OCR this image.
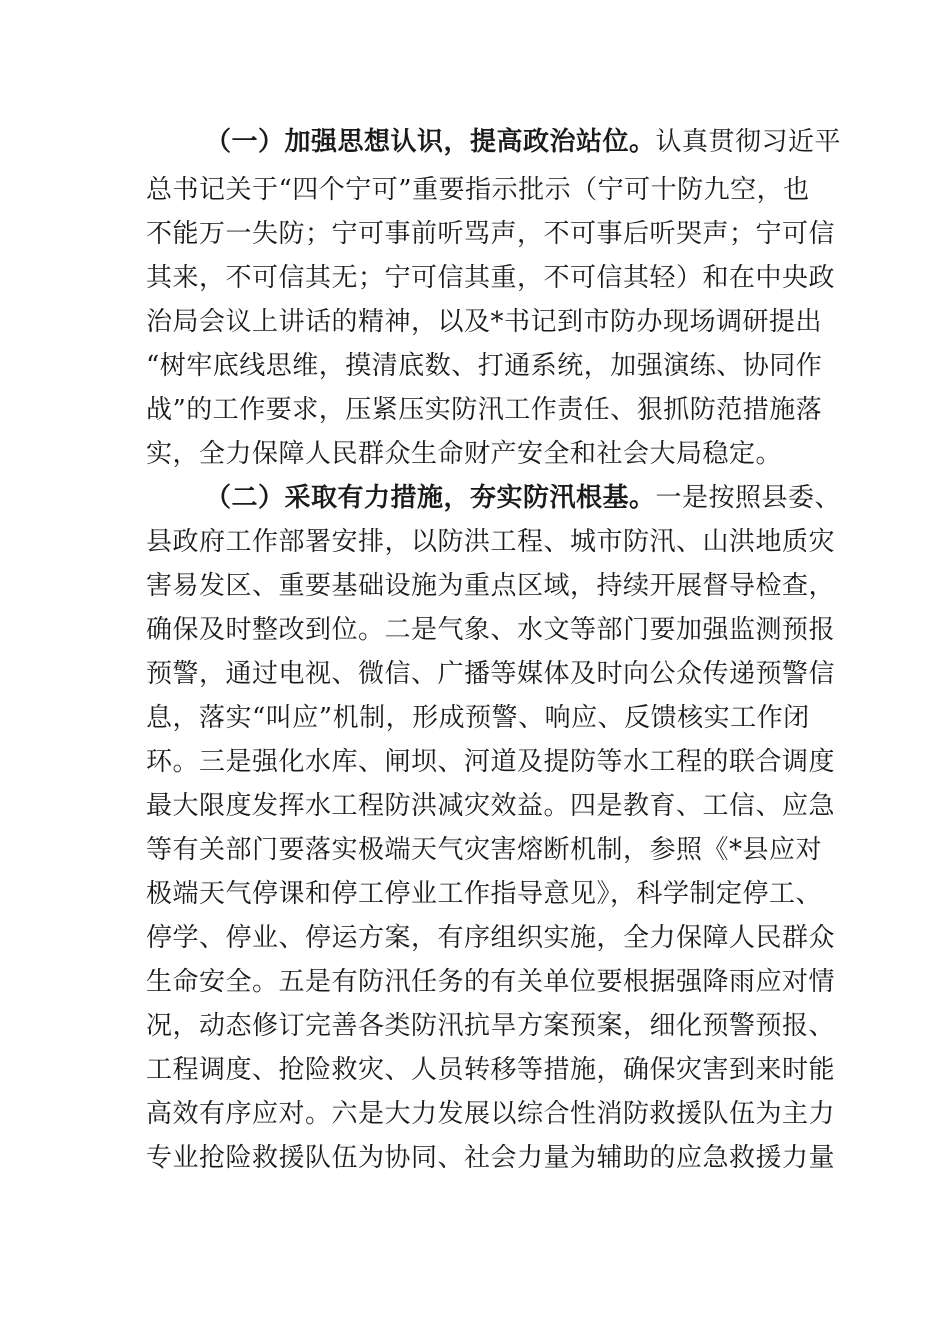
（一）加强思想认识，提高政治站位。认真贯彻习近平
总书记关于“四个宁可”重要指示批示（宁可十防九空，也
不能万一失防；宁可事前听骂声，不可事后听哭声；宁可信
其来，不可信其无；宁可信其重，不可信其轻）和在中央政
治局会议上讲话的精神，以及*书记到市防办现场调研提出
“树牢底线思维，摸清底数、打通系统，加强演练、协同作
战”的工作要求，压紧压实防汛工作责任、狠抓防范措施落
实，全力保障人民群众生命财产安全和社会大局稳定。
（二）采取有力措施，夯实防汛根基。一是按照县委、
县政府工作部署安排，以防洪工程、城市防汛、山洪地质灾
害易发区、重要基础设施为重点区域，持续开展督导检查，
确保及时整改到位。二是气象、水文等部门要加强监测预报
预警，通过电视、微信、广播等媒体及时向公众传递预警信
息，落实“叫应”机制，形成预警、响应、反馈核实工作闭
环。三是强化水库、闸坝、河道及提防等水工程的联合调度
最大限度发挥水工程防洪减灾效益。四是教育、工信、应急
等有关部门要落实极端天气灾害熔断机制，参照《*县应对
极端天气停课和停工停业工作指导意见》，科学制定停工、
停学、停业、停运方案，有序组织实施，全力保障人民群众
生命安全。五是有防汛任务的有关单位要根据强降雨应对情
况，动态修订完善各类防汛抗旱方案预案，细化预警预报、
工程调度、抢险救灾、人员转移等措施，确保灾害到来时能
高效有序应对。六是大力发展以综合性消防救援队伍为主力
专业抢险救援队伍为协同、社会力量为辅助的应急救援力量
